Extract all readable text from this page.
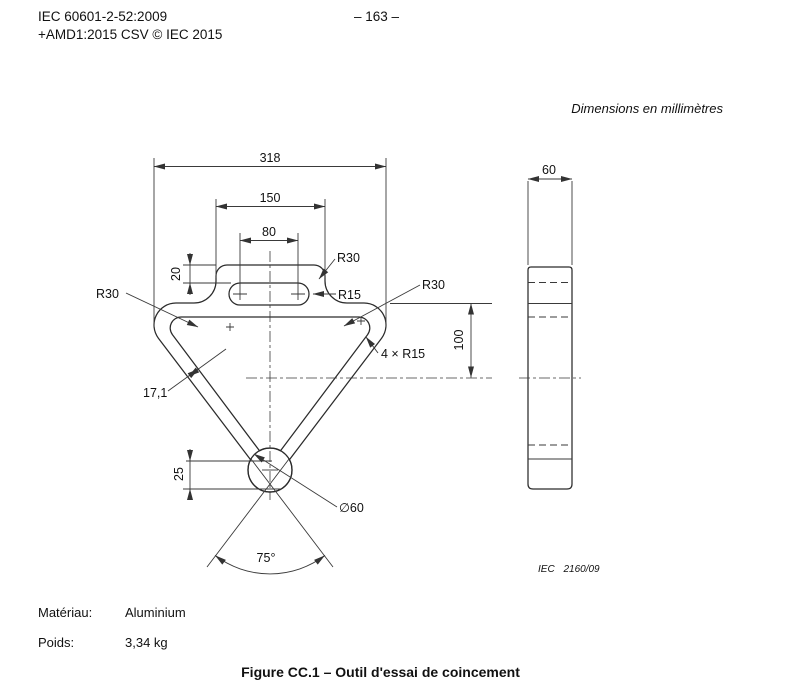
IEC 60601-2-52:2009
+AMD1:2015 CSV © IEC 2015
– 163 –
Dimensions en millimètres
318
150
80
20
R30
R30
R15
R30
4 × R15
100
17,1
25
∅60
75°
60
IEC 2160/09
Matériau:	Aluminium
Poids:	3,34 kg
Figure CC.1 – Outil d'essai de coincement
